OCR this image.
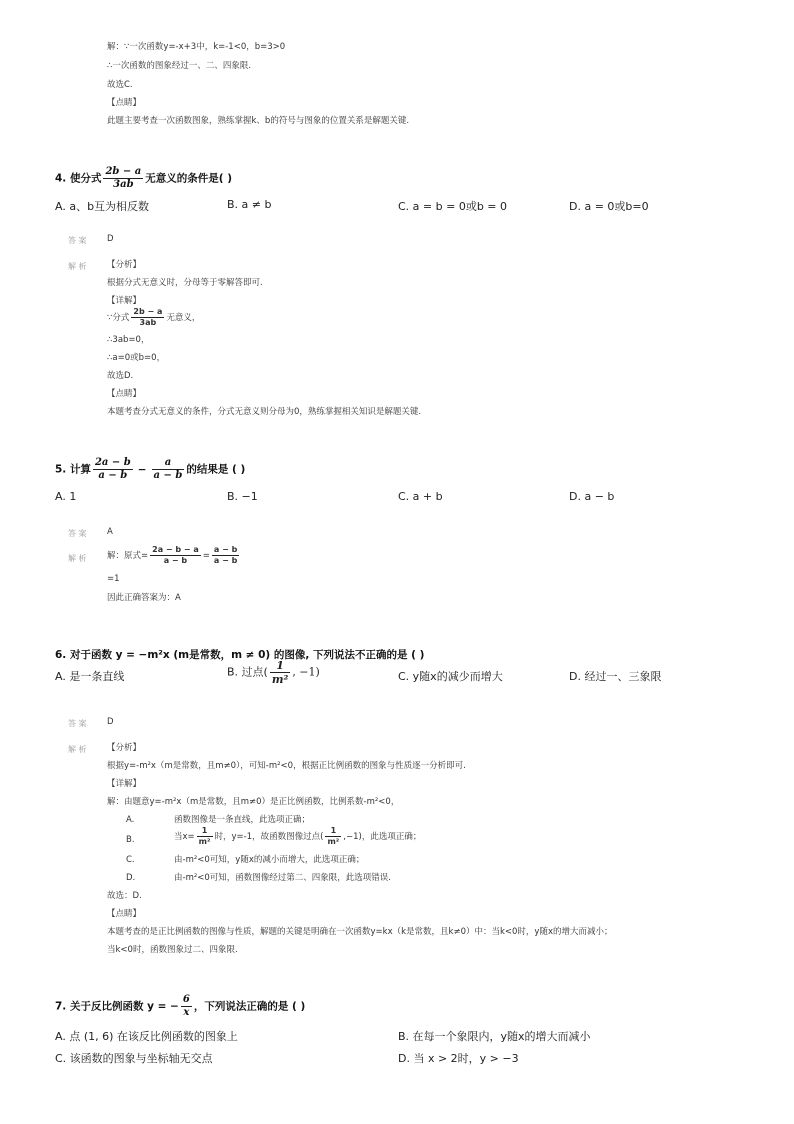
解：∵一次函数y=-x+3中，k=-1<0，b=3>0
∴一次函数的图象经过一、二、四象限.
故选C.
【点睛】
此题主要考查一次函数图象，熟练掌握k、b的符号与图象的位置关系是解题关键.
4. 使分式 $\frac{2b - a}{3ab}$ 无意义的条件是( )
A. a、b互为相反数	B. a ≠ b	C. a = b = 0或b = 0	D. a = 0或b=0
答 案 D
解 析 【分析】
根据分式无意义时，分母等于零解答即可.
【详解】
∵分式 $\frac{2b - a}{3ab}$ 无意义，
∴3ab=0，
∴a=0或b=0，
故选D.
【点睛】
本题考查分式无意义的条件，分式无意义则分母为0，熟练掌握相关知识是解题关键.
5. 计算 $\frac{2a - b}{a - b} - \frac{a}{a - b}$ 的结果是 ( )
A. 1	B. −1	C. a + b	D. a − b
答 案 A
解 析 解：原式= $\frac{2a - b - a}{a - b} = \frac{a - b}{a - b}$
=1
因此正确答案为：A
6. 对于函数 y = −m²x (m是常数，m ≠ 0) 的图像, 下列说法不正确的是 ( )
A. 是一条直线	B. 过点( $\frac{1}{\text{m²}}$ , −1)	C. y随x的减少而增大	D. 经过一、三象限
答 案 D
解 析 【分析】
根据y=-m²x（m是常数，且m≠0），可知-m²<0，根据正比例函数的图象与性质逐一分析即可.
【详解】
解：由题意y=-m²x（m是常数，且m≠0）是正比例函数，比例系数-m²<0，
A.	函数图像是一条直线，此选项正确；
B.	当$x= \frac{1}{\text{m²}}$ 时，y=-1，故函数图像过点( $\frac{1}{\text{m²}} ,-1$)，此选项正确；
C.	由-m²<0可知，y随x的减小而增大，此选项正确；
D.	由-m²<0可知，函数图像经过第二、四象限，此选项错误.
故选：D.
【点睛】
本题考查的是正比例函数的图像与性质，解题的关键是明确在一次函数y=kx（k是常数，且k≠0）中：当k<0时，y随x的增大而减小；
当k<0时，函数图象过二、四象限.
7. 关于反比例函数 y = − $\frac{6}{x}$ ，下列说法正确的是 ( )
A. 点 (1, 6) 在该反比例函数的图象上	B. 在每一个象限内，y随x的增大而减小
C. 该函数的图象与坐标轴无交点	D. 当 x > 2时，y > −3
